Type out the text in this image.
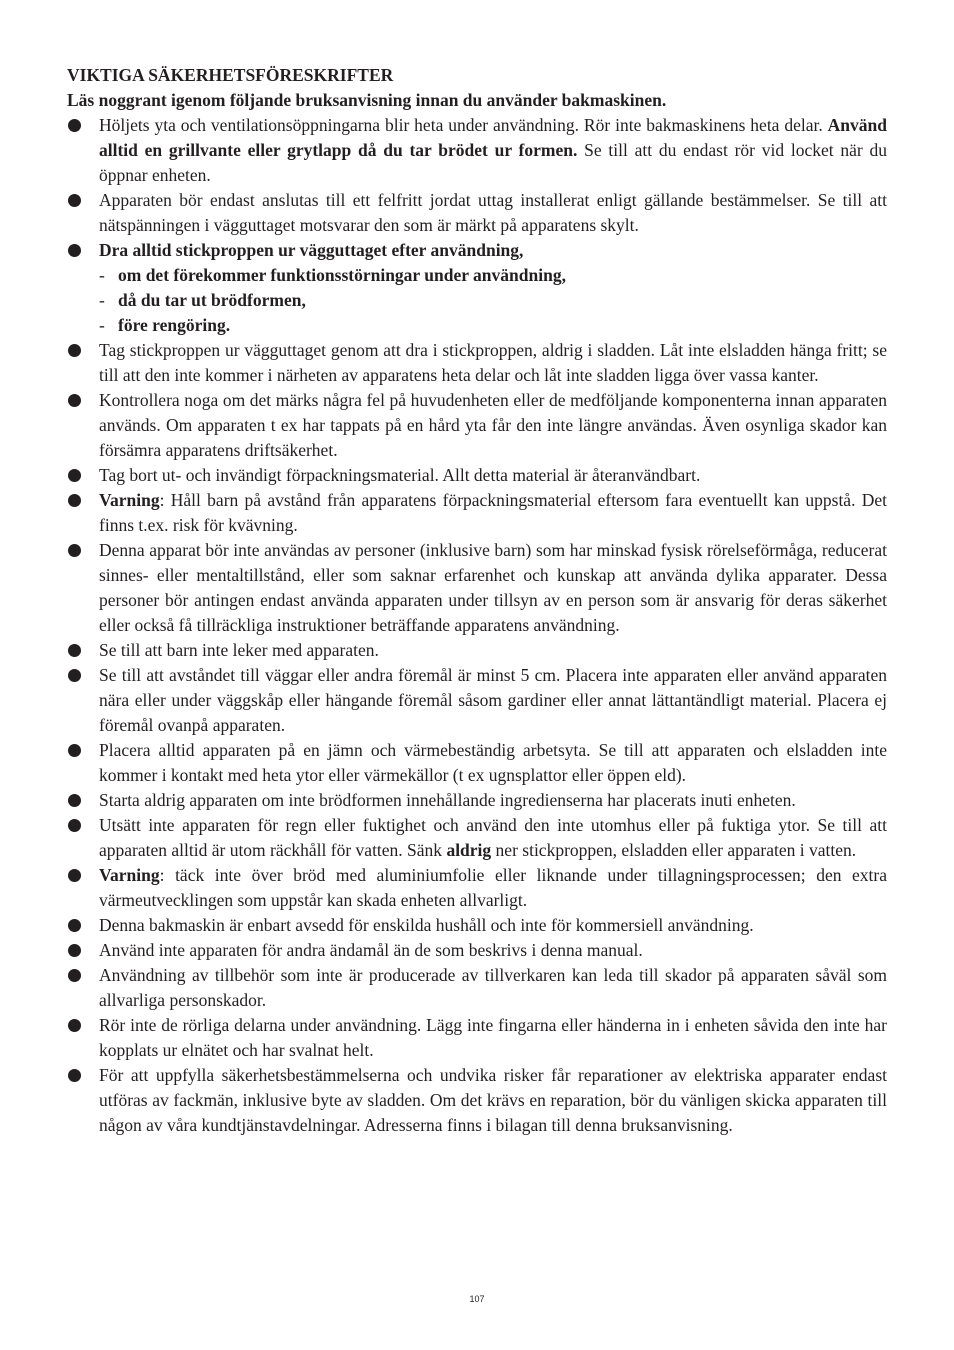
VIKTIGA SÄKERHETSFÖRESKRIFTER

Läs noggrant igenom följande bruksanvisning innan du använder bakmaskinen.

Höljets yta och ventilationsöppningarna blir heta under användning. Rör inte bakmaskinens heta delar. Använd alltid en grillvante eller grytlapp då du tar brödet ur formen. Se till att du endast rör vid locket när du öppnar enheten.
Apparaten bör endast anslutas till ett felfritt jordat uttag installerat enligt gällande bestämmelser. Se till att nätspänningen i vägguttaget motsvarar den som är märkt på apparatens skylt.
Dra alltid stickproppen ur vägguttaget efter användning,
- om det förekommer funktionsstörningar under användning,
- då du tar ut brödformen,
- före rengöring.
Tag stickproppen ur vägguttaget genom att dra i stickproppen, aldrig i sladden. Låt inte elsladden hänga fritt; se till att den inte kommer i närheten av apparatens heta delar och låt inte sladden ligga över vassa kanter.
Kontrollera noga om det märks några fel på huvudenheten eller de medföljande komponenterna innan apparaten används. Om apparaten t ex har tappats på en hård yta får den inte längre användas. Även osynliga skador kan försämra apparatens driftsäkerhet.
Tag bort ut- och invändigt förpackningsmaterial. Allt detta material är återanvändbart.
Varning: Håll barn på avstånd från apparatens förpackningsmaterial eftersom fara eventuellt kan uppstå. Det finns t.ex. risk för kvävning.
Denna apparat bör inte användas av personer (inklusive barn) som har minskad fysisk rörelseförmåga, reducerat sinnes- eller mentaltillstånd, eller som saknar erfarenhet och kunskap att använda dylika apparater. Dessa personer bör antingen endast använda apparaten under tillsyn av en person som är ansvarig för deras säkerhet eller också få tillräckliga instruktioner beträffande apparatens användning.
Se till att barn inte leker med apparaten.
Se till att avståndet till väggar eller andra föremål är minst 5 cm. Placera inte apparaten eller använd apparaten nära eller under väggskåp eller hängande föremål såsom gardiner eller annat lättantändligt material. Placera ej föremål ovanpå apparaten.
Placera alltid apparaten på en jämn och värmebeständig arbetsyta. Se till att apparaten och elsladden inte kommer i kontakt med heta ytor eller värmekällor (t ex ugnsplattor eller öppen eld).
Starta aldrig apparaten om inte brödformen innehållande ingredienserna har placerats inuti enheten.
Utsätt inte apparaten för regn eller fuktighet och använd den inte utomhus eller på fuktiga ytor. Se till att apparaten alltid är utom räckhåll för vatten. Sänk aldrig ner stickproppen, elsladden eller apparaten i vatten.
Varning: täck inte över bröd med aluminiumfolie eller liknande under tillagningsprocessen; den extra värmeutvecklingen som uppstår kan skada enheten allvarligt.
Denna bakmaskin är enbart avsedd för enskilda hushåll och inte för kommersiell användning.
Använd inte apparaten för andra ändamål än de som beskrivs i denna manual.
Användning av tillbehör som inte är producerade av tillverkaren kan leda till skador på apparaten såväl som allvarliga personskador.
Rör inte de rörliga delarna under användning. Lägg inte fingarna eller händerna in i enheten såvida den inte har kopplats ur elnätet och har svalnat helt.
För att uppfylla säkerhetsbestämmelserna och undvika risker får reparationer av elektriska apparater endast utföras av fackmän, inklusive byte av sladden. Om det krävs en reparation, bör du vänligen skicka apparaten till någon av våra kundtjänstavdelningar. Adresserna finns i bilagan till denna bruksanvisning.
107
